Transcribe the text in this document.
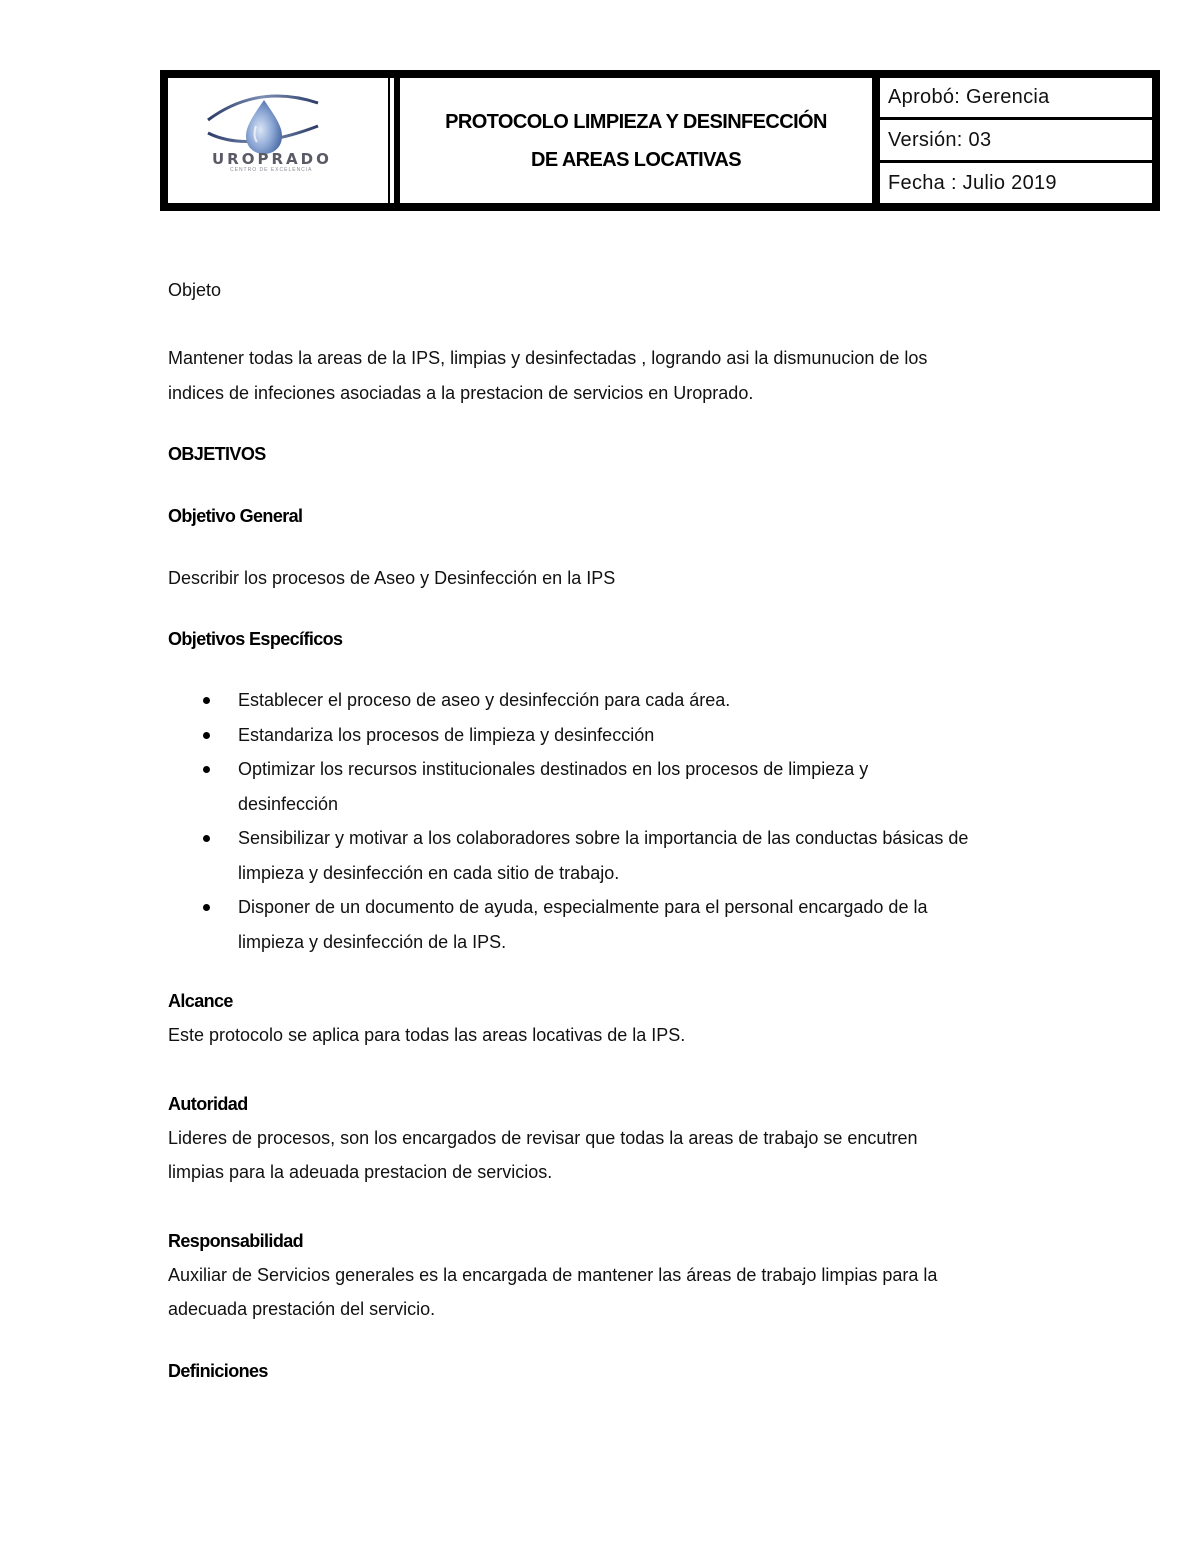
UROPRADO
CENTRO DE EXCELENCIA
PROTOCOLO LIMPIEZA Y DESINFECCIÓN
DE AREAS LOCATIVAS
Aprobó: Gerencia
Versión: 03
Fecha : Julio 2019
Objeto
Mantener todas la areas de la IPS, limpias y desinfectadas , logrando asi la dismunucion de los
indices de infeciones asociadas a la prestacion de servicios en Uroprado.
OBJETIVOS
Objetivo General
Describir los procesos de Aseo y Desinfección en la IPS
Objetivos Específicos
Establecer el proceso de aseo y desinfección para cada área.
Estandariza los procesos de limpieza y desinfección
Optimizar los recursos institucionales destinados en los procesos de limpieza y
desinfección
Sensibilizar y motivar a los colaboradores sobre la importancia de las conductas básicas de
limpieza y desinfección en cada sitio de trabajo.
Disponer de un documento de ayuda, especialmente para el personal encargado de la
limpieza y desinfección de la IPS.
Alcance
Este protocolo se aplica para todas las areas locativas de la IPS.
Autoridad
Lideres de procesos, son los encargados de revisar que todas la areas de trabajo se encutren
limpias para la adeuada prestacion de servicios.
Responsabilidad
Auxiliar de Servicios generales es la encargada de mantener las áreas de trabajo limpias para la
adecuada prestación del servicio.
Definiciones
